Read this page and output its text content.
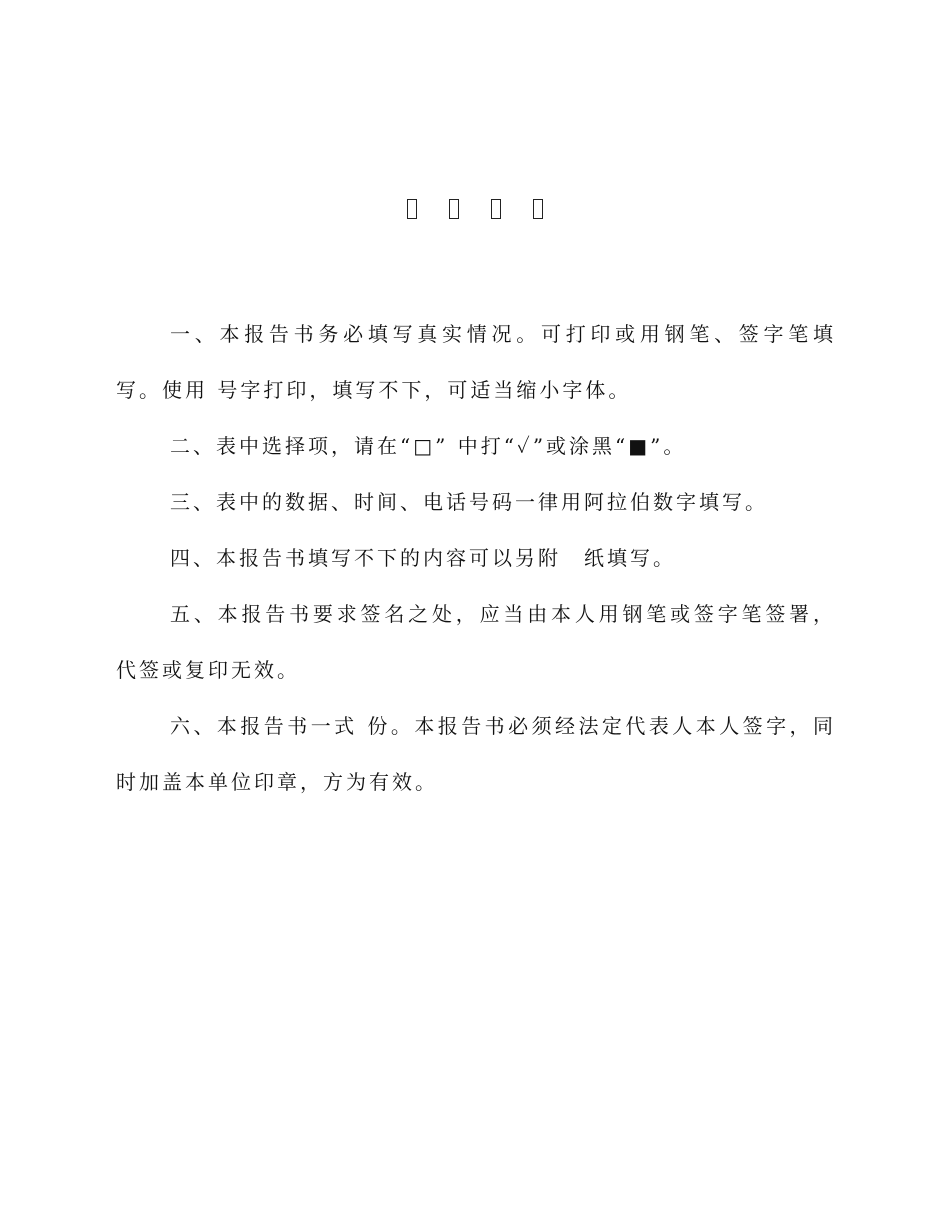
一、本报告书务必填写真实情况。可打印或用钢笔、签字笔填写。使用 号字打印，填写不下，可适当缩小字体。

二、表中选择项，请在“□” 中打“✓”或涂黑“■”。

三、表中的数据、时间、电话号码一律用阿拉伯数字填写。

四、本报告书填写不下的内容可以另附　纸填写。

五、本报告书要求签名之处，应当由本人用钢笔或签字笔签署，代签或复印无效。

六、本报告书一式 份。本报告书必须经法定代表人本人签字，同时加盖本单位印章，方为有效。
